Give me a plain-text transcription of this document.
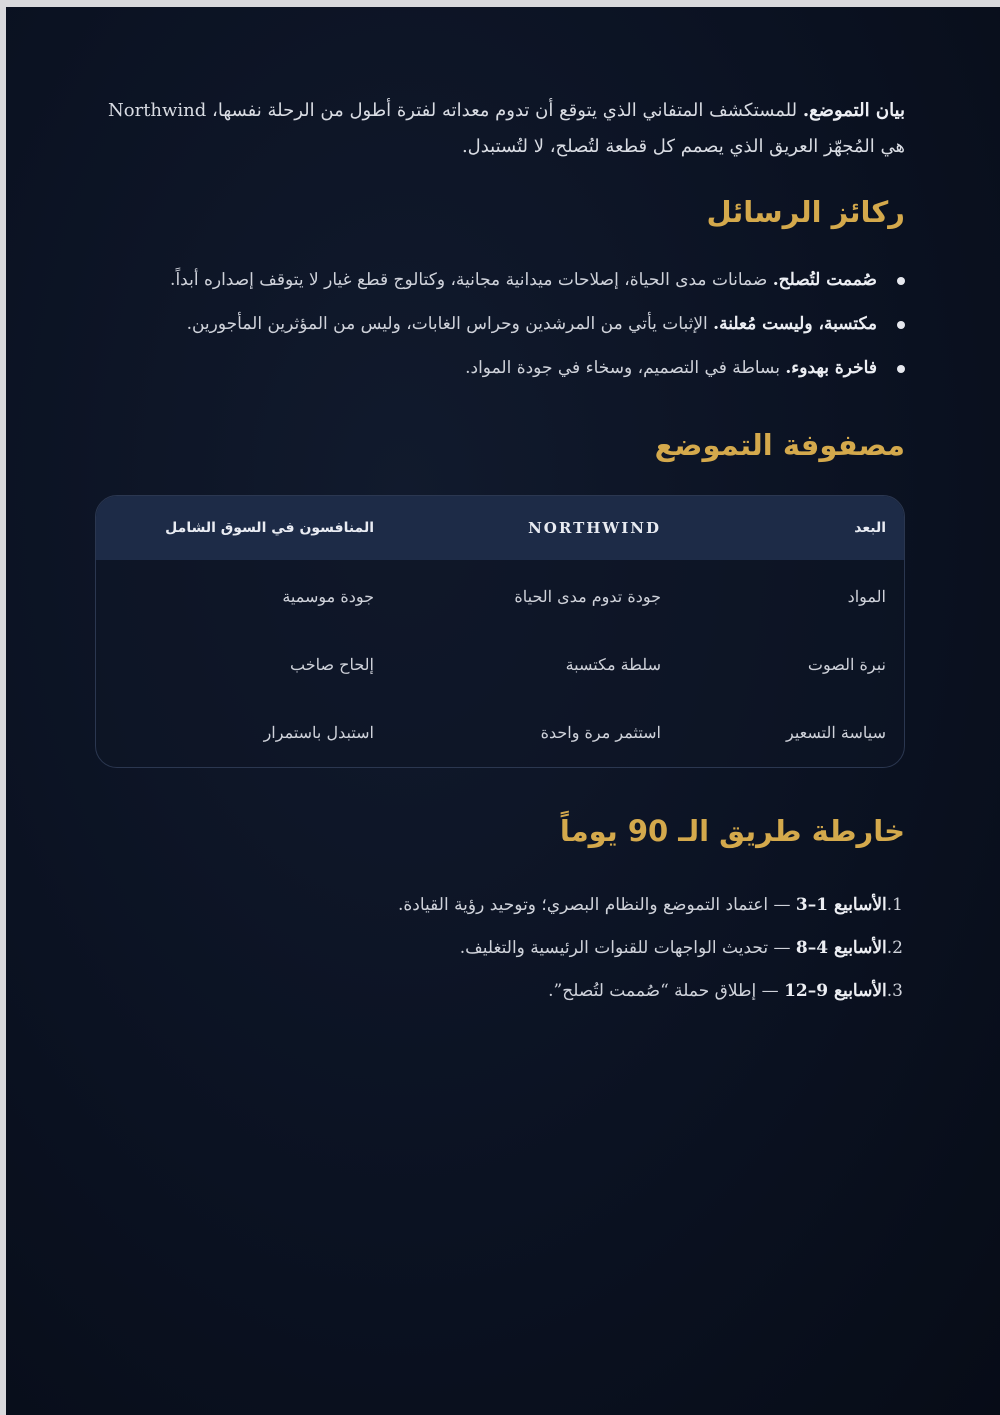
بيان التموضع. للمستكشف المتفاني الذي يتوقع أن تدوم معداته لفترة أطول من الرحلة نفسها، Northwind هي المُجهّز العريق الذي يصمم كل قطعة لتُصلح، لا لتُستبدل.

ركائز الرسائل
صُممت لتُصلح. ضمانات مدى الحياة، إصلاحات ميدانية مجانية، وكتالوج قطع غيار لا يتوقف إصداره أبداً.
مكتسبة، وليست مُعلنة. الإثبات يأتي من المرشدين وحراس الغابات، وليس من المؤثرين المأجورين.
فاخرة بهدوء. بساطة في التصميم، وسخاء في جودة المواد.
مصفوفة التموضع
البعد	NORTHWIND	المنافسون في السوق الشامل
المواد	جودة تدوم مدى الحياة	جودة موسمية
نبرة الصوت	سلطة مكتسبة	إلحاح صاخب
سياسة التسعير	استثمر مرة واحدة	استبدل باستمرار
خارطة طريق الـ 90 يوماً
1.الأسابيع 1–3 — اعتماد التموضع والنظام البصري؛ وتوحيد رؤية القيادة.
2.الأسابيع 4–8 — تحديث الواجهات للقنوات الرئيسية والتغليف.
3.الأسابيع 9–12 — إطلاق حملة “صُممت لتُصلح”.
